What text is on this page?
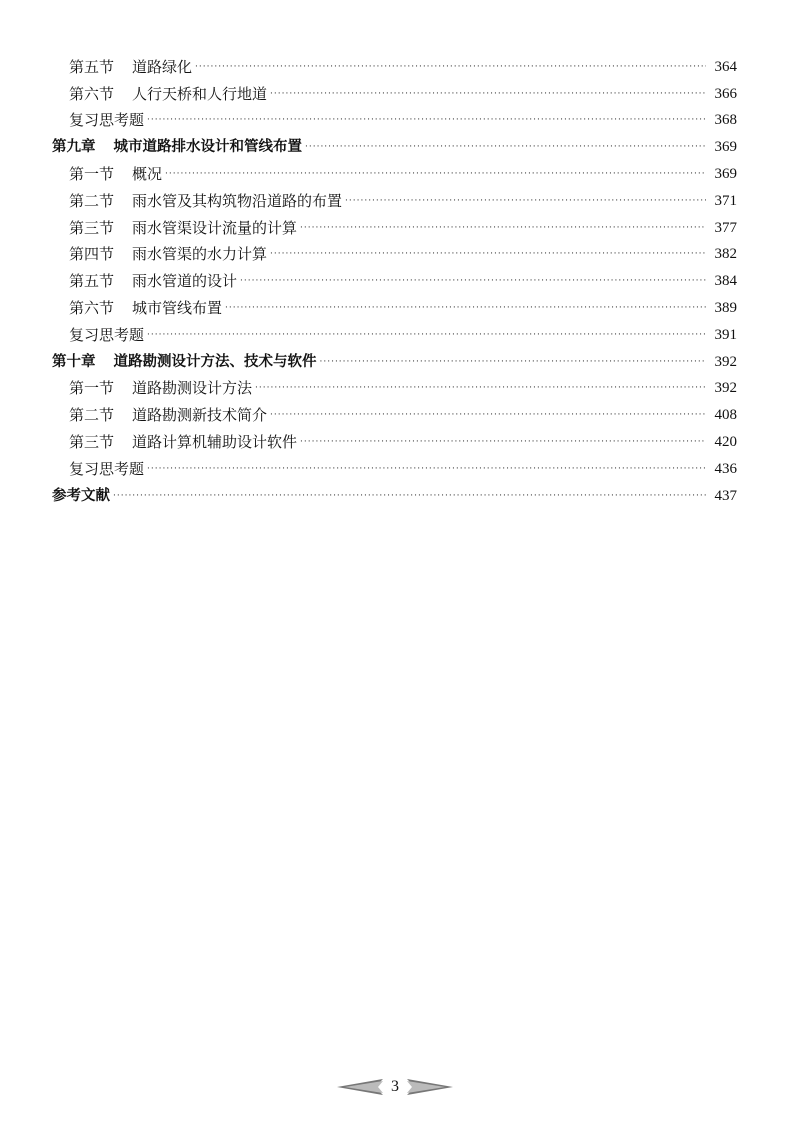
第五节 道路绿化 ·····	364
第六节 人行天桥和人行地道 ·····	366
复习思考题 ·····	368
第九章 城市道路排水设计和管线布置 ·····	369
第一节 概况 ·····	369
第二节 雨水管及其构筑物沿道路的布置 ·····	371
第三节 雨水管渠设计流量的计算 ·····	377
第四节 雨水管渠的水力计算 ·····	382
第五节 雨水管道的设计 ·····	384
第六节 城市管线布置 ·····	389
复习思考题 ·····	391
第十章 道路勘测设计方法、技术与软件 ·····	392
第一节 道路勘测设计方法 ·····	392
第二节 道路勘测新技术简介 ·····	408
第三节 道路计算机辅助设计软件 ·····	420
复习思考题 ·····	436
参考文献 ·····	437
3
